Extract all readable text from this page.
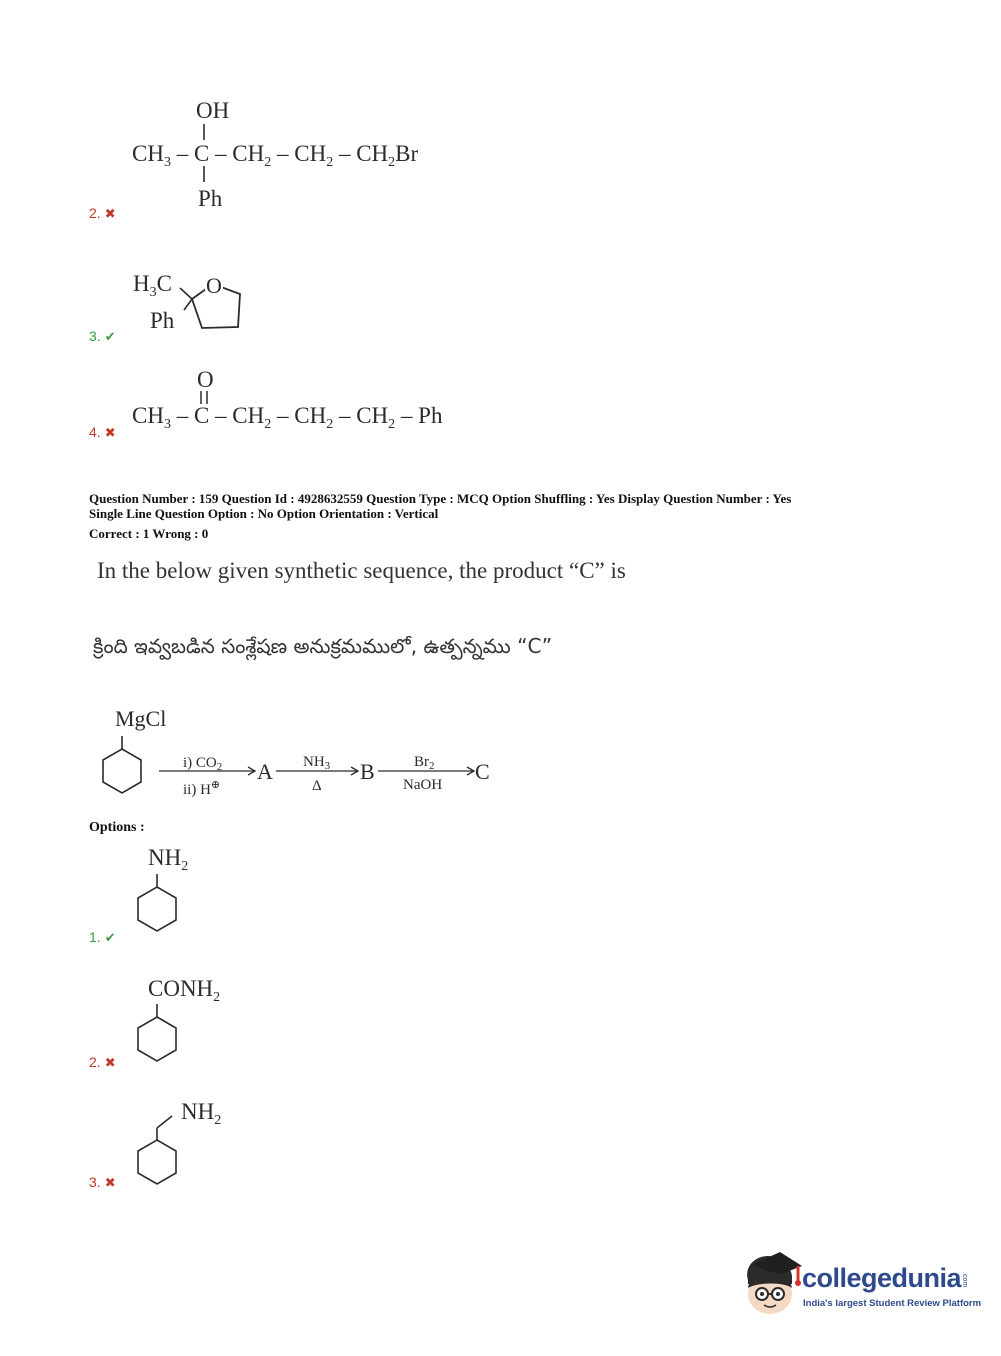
OH
$CH_3$ – C – $CH_2 - CH_2 - CH_2Br$
Ph
2. ✖
$H_3C$
Ph
O
3. ✔
O
$CH_3$ – C – $CH_2 - CH_2 - CH_2$ – Ph
4. ✖
Question Number : 159 Question Id : 4928632559 Question Type : MCQ Option Shuffling : Yes Display Question Number : Yes
Single Line Question Option : No Option Orientation : Vertical
Correct : 1 Wrong : 0
In the below given synthetic sequence, the product “C” is
క్రింది ఇవ్వబడిన సంశ్లేషణ అనుక్రమములో, ఉత్పన్నము “C”
MgCl
i) $CO_2$
ii) H⊕
A $NH_3$
Δ
B	$Br_2$
NaOH
C
Options :
$NH_2$
1. ✔
$CONH_2$
2. ✖
$NH_2$
3. ✖
collegedunia .com
India's largest Student Review Platform
